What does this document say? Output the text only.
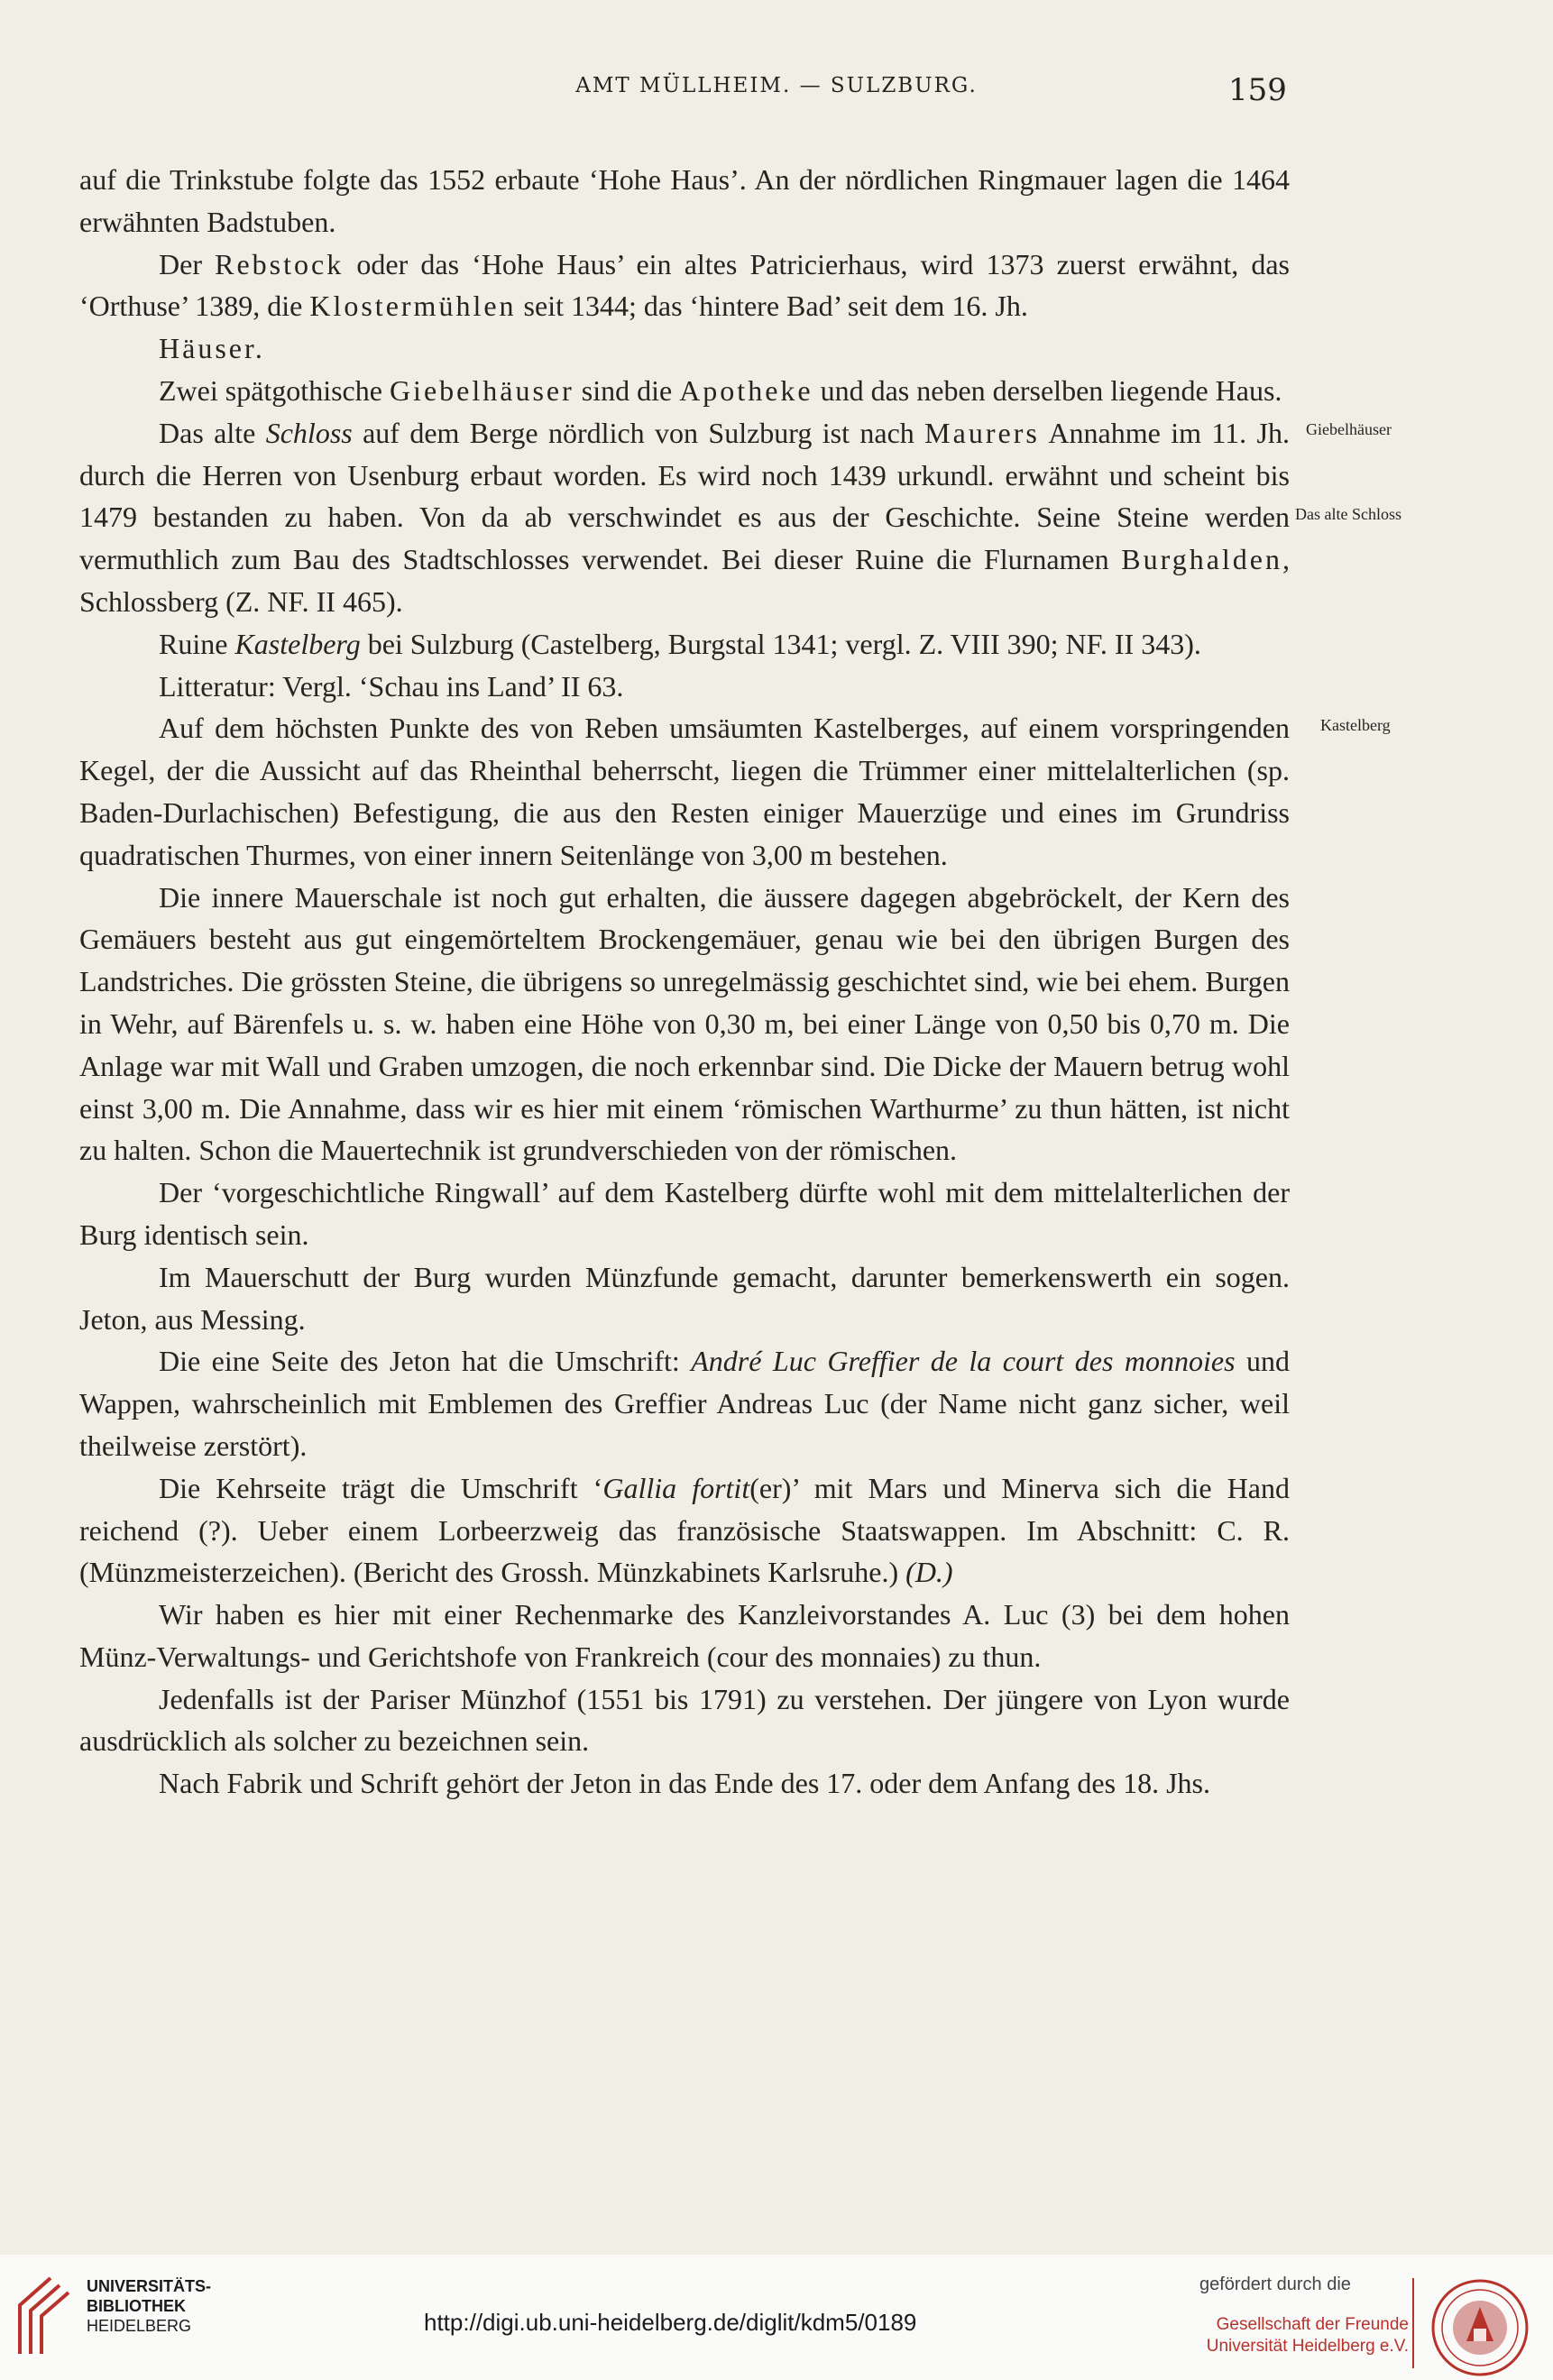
AMT MÜLLHEIM. — SULZBURG.	159

auf die Trinkstube folgte das 1552 erbaute ‘Hohe Haus’. An der nördlichen Ringmauer lagen die 1464 erwähnten Badstuben.

Der Rebstock oder das ‘Hohe Haus’ ein altes Patricierhaus, wird 1373 zuerst erwähnt, das ‘Orthuse’ 1389, die Klostermühlen seit 1344; das ‘hintere Bad’ seit dem 16. Jh.

Häuser.

Zwei spätgothische Giebelhäuser sind die Apotheke und das neben derselben liegende Haus.

Das alte Schloss auf dem Berge nördlich von Sulzburg ist nach Maurers Annahme im 11. Jh. durch die Herren von Usenburg erbaut worden. Es wird noch 1439 urkundl. erwähnt und scheint bis 1479 bestanden zu haben. Von da ab verschwindet es aus der Geschichte. Seine Steine werden vermuthlich zum Bau des Stadtschlosses verwendet. Bei dieser Ruine die Flurnamen Burghalden, Schlossberg (Z. NF. II 465).

Ruine Kastelberg bei Sulzburg (Castelberg, Burgstal 1341; vergl. Z. VIII 390; NF. II 343).

Litteratur: Vergl. ‘Schau ins Land’ II 63.

Auf dem höchsten Punkte des von Reben umsäumten Kastelberges, auf einem vorspringenden Kegel, der die Aussicht auf das Rheinthal beherrscht, liegen die Trümmer einer mittelalterlichen (sp. Baden-Durlachischen) Befestigung, die aus den Resten einiger Mauerzüge und eines im Grundriss quadratischen Thurmes, von einer innern Seitenlänge von 3,00 m bestehen.

Die innere Mauerschale ist noch gut erhalten, die äussere dagegen abgebröckelt, der Kern des Gemäuers besteht aus gut eingemörteltem Brockengemäuer, genau wie bei den übrigen Burgen des Landstriches. Die grössten Steine, die übrigens so unregelmässig geschichtet sind, wie bei ehem. Burgen in Wehr, auf Bärenfels u. s. w. haben eine Höhe von 0,30 m, bei einer Länge von 0,50 bis 0,70 m. Die Anlage war mit Wall und Graben umzogen, die noch erkennbar sind. Die Dicke der Mauern betrug wohl einst 3,00 m. Die Annahme, dass wir es hier mit einem ‘römischen Warthurme’ zu thun hätten, ist nicht zu halten. Schon die Mauertechnik ist grundverschieden von der römischen.

Der ‘vorgeschichtliche Ringwall’ auf dem Kastelberg dürfte wohl mit dem mittelalterlichen der Burg identisch sein.

Im Mauerschutt der Burg wurden Münzfunde gemacht, darunter bemerkenswerth ein sogen. Jeton, aus Messing.

Die eine Seite des Jeton hat die Umschrift: André Luc Greffier de la court des monnoies und Wappen, wahrscheinlich mit Emblemen des Greffier Andreas Luc (der Name nicht ganz sicher, weil theilweise zerstört).

Die Kehrseite trägt die Umschrift ‘Gallia fortit(er)’ mit Mars und Minerva sich die Hand reichend (?). Ueber einem Lorbeerzweig das französische Staatswappen. Im Abschnitt: C. R. (Münzmeisterzeichen). (Bericht des Grossh. Münzkabinets Karlsruhe.) (D.)

Wir haben es hier mit einer Rechenmarke des Kanzleivorstandes A. Luc (3) bei dem hohen Münz-Verwaltungs- und Gerichtshofe von Frankreich (cour des monnaies) zu thun.

Jedenfalls ist der Pariser Münzhof (1551 bis 1791) zu verstehen. Der jüngere von Lyon wurde ausdrücklich als solcher zu bezeichnen sein.

Nach Fabrik und Schrift gehört der Jeton in das Ende des 17. oder dem Anfang des 18. Jhs.

Giebelhäuser
Das alte Schloss
Kastelberg
UNIVERSITÄTS-
BIBLIOTHEK
HEIDELBERG	http://digi.ub.uni-heidelberg.de/diglit/kdm5/0189
gefördert durch die
Gesellschaft der Freunde
Universität Heidelberg e.V.
